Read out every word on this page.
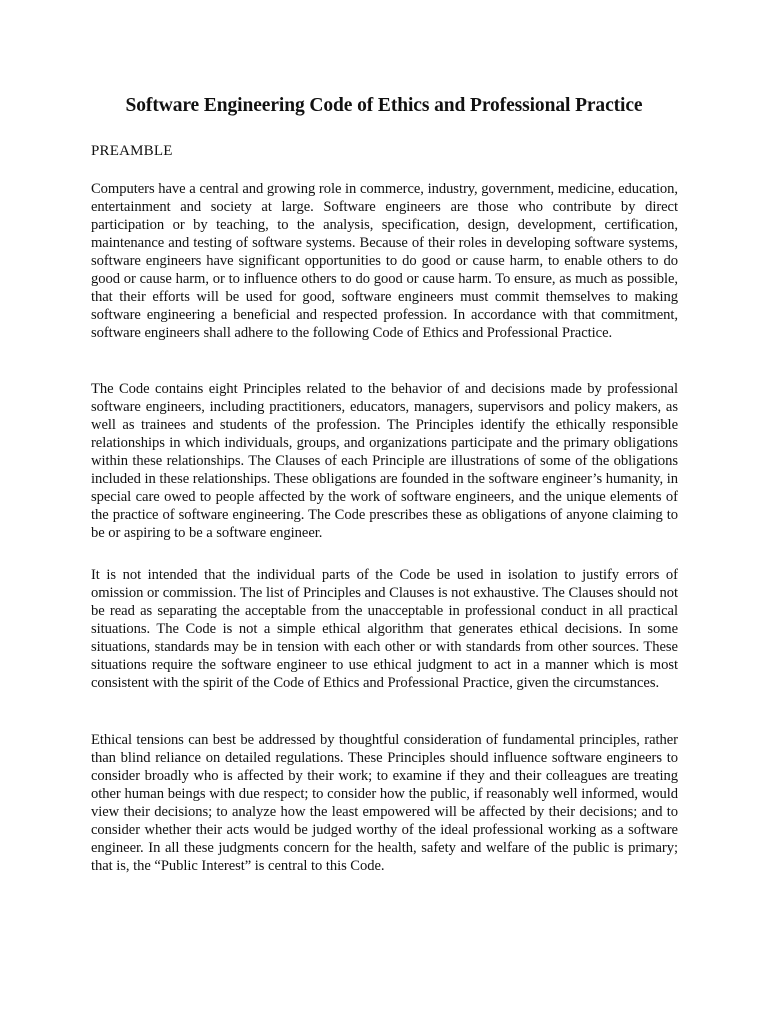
Software Engineering Code of Ethics and Professional Practice

PREAMBLE

Computers have a central and growing role in commerce, industry, government, medicine, education, entertainment and society at large. Software engineers are those who contribute by direct participation or by teaching, to the analysis, specification, design, development, certification, maintenance and testing of software systems. Because of their roles in developing software systems, software engineers have significant opportunities to do good or cause harm, to enable others to do good or cause harm, or to influence others to do good or cause harm. To ensure, as much as possible, that their efforts will be used for good, software engineers must commit themselves to making software engineering a beneficial and respected profession. In accordance with that commitment, software engineers shall adhere to the following Code of Ethics and Professional Practice.

The Code contains eight Principles related to the behavior of and decisions made by professional software engineers, including practitioners, educators, managers, supervisors and policy makers, as well as trainees and students of the profession. The Principles identify the ethically responsible relationships in which individuals, groups, and organizations participate and the primary obligations within these relationships. The Clauses of each Principle are illustrations of some of the obligations included in these relationships. These obligations are founded in the software engineer’s humanity, in special care owed to people affected by the work of software engineers, and the unique elements of the practice of software engineering. The Code prescribes these as obligations of anyone claiming to be or aspiring to be a software engineer.

It is not intended that the individual parts of the Code be used in isolation to justify errors of omission or commission. The list of Principles and Clauses is not exhaustive. The Clauses should not be read as separating the acceptable from the unacceptable in professional conduct in all practical situations. The Code is not a simple ethical algorithm that generates ethical decisions. In some situations, standards may be in tension with each other or with standards from other sources. These situations require the software engineer to use ethical judgment to act in a manner which is most consistent with the spirit of the Code of Ethics and Professional Practice, given the circumstances.

Ethical tensions can best be addressed by thoughtful consideration of fundamental principles, rather than blind reliance on detailed regulations. These Principles should influence software engineers to consider broadly who is affected by their work; to examine if they and their colleagues are treating other human beings with due respect; to consider how the public, if reasonably well informed, would view their decisions; to analyze how the least empowered will be affected by their decisions; and to consider whether their acts would be judged worthy of the ideal professional working as a software engineer. In all these judgments concern for the health, safety and welfare of the public is primary; that is, the “Public Interest” is central to this Code.
